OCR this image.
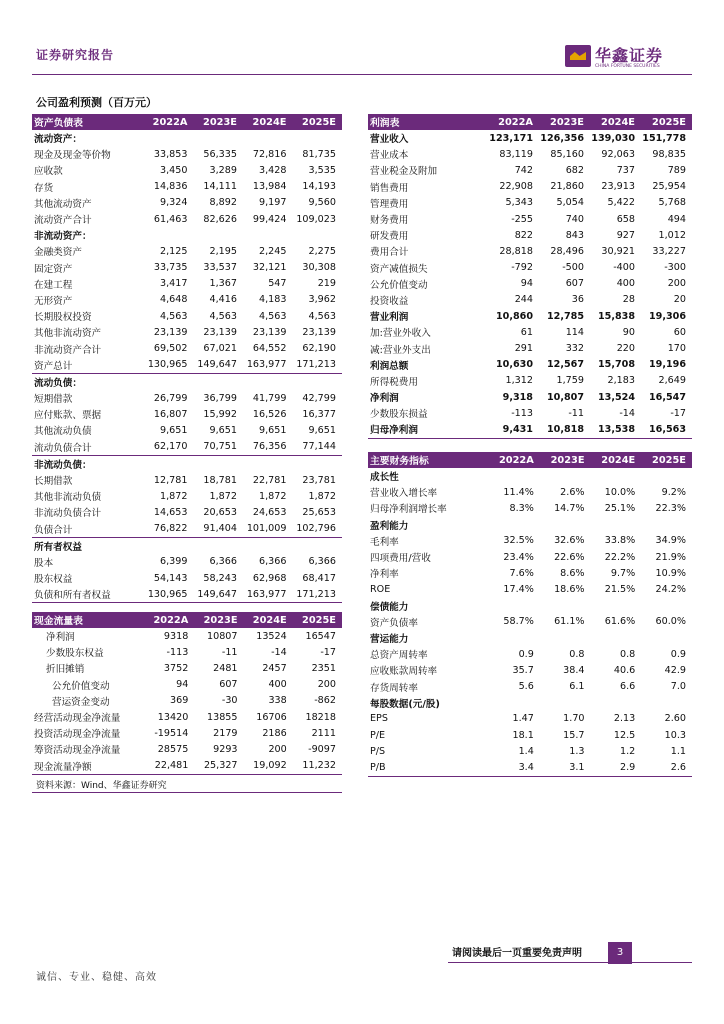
证券研究报告	华鑫证券
CHINA FORTUNE SECURITIES
公司盈利预测（百万元）
资产负债表	2022A	2023E	2024E	2025E
流动资产：				
现金及现金等价物	33,853	56,335	72,816	81,735
应收款	3,450	3,289	3,428	3,535
存货	14,836	14,111	13,984	14,193
其他流动资产	9,324	8,892	9,197	9,560
流动资产合计	61,463	82,626	99,424	109,023
非流动资产：				
金融类资产	2,125	2,195	2,245	2,275
固定资产	33,735	33,537	32,121	30,308
在建工程	3,417	1,367	547	219
无形资产	4,648	4,416	4,183	3,962
长期股权投资	4,563	4,563	4,563	4,563
其他非流动资产	23,139	23,139	23,139	23,139
非流动资产合计	69,502	67,021	64,552	62,190
资产总计	130,965	149,647	163,977	171,213
流动负债：				
短期借款	26,799	36,799	41,799	42,799
应付账款、票据	16,807	15,992	16,526	16,377
其他流动负债	9,651	9,651	9,651	9,651
流动负债合计	62,170	70,751	76,356	77,144
非流动负债：				
长期借款	12,781	18,781	22,781	23,781
其他非流动负债	1,872	1,872	1,872	1,872
非流动负债合计	14,653	20,653	24,653	25,653
负债合计	76,822	91,404	101,009	102,796
所有者权益				
股本	6,399	6,366	6,366	6,366
股东权益	54,143	58,243	62,968	68,417
负债和所有者权益	130,965	149,647	163,977	171,213
现金流量表	2022A	2023E	2024E	2025E
净利润	9318	10807	13524	16547
少数股东权益	-113	-11	-14	-17
折旧摊销	3752	2481	2457	2351
公允价值变动	94	607	400	200
营运资金变动	369	-30	338	-862
经营活动现金净流量	13420	13855	16706	18218
投资活动现金净流量	-19514	2179	2186	2111
筹资活动现金净流量	28575	9293	200	-9097
现金流量净额	22,481	25,327	19,092	11,232
利润表	2022A	2023E	2024E	2025E
营业收入	123,171	126,356	139,030	151,778
营业成本	83,119	85,160	92,063	98,835
营业税金及附加	742	682	737	789
销售费用	22,908	21,860	23,913	25,954
管理费用	5,343	5,054	5,422	5,768
财务费用	-255	740	658	494
研发费用	822	843	927	1,012
费用合计	28,818	28,496	30,921	33,227
资产减值损失	-792	-500	-400	-300
公允价值变动	94	607	400	200
投资收益	244	36	28	20
营业利润	10,860	12,785	15,838	19,306
加:营业外收入	61	114	90	60
减:营业外支出	291	332	220	170
利润总额	10,630	12,567	15,708	19,196
所得税费用	1,312	1,759	2,183	2,649
净利润	9,318	10,807	13,524	16,547
少数股东损益	-113	-11	-14	-17
归母净利润	9,431	10,818	13,538	16,563
主要财务指标	2022A	2023E	2024E	2025E
成长性				
营业收入增长率	11.4%	2.6%	10.0%	9.2%
归母净利润增长率	8.3%	14.7%	25.1%	22.3%
盈利能力				
毛利率	32.5%	32.6%	33.8%	34.9%
四项费用/营收	23.4%	22.6%	22.2%	21.9%
净利率	7.6%	8.6%	9.7%	10.9%
ROE	17.4%	18.6%	21.5%	24.2%
偿债能力				
资产负债率	58.7%	61.1%	61.6%	60.0%
营运能力				
总资产周转率	0.9	0.8	0.8	0.9
应收账款周转率	35.7	38.4	40.6	42.9
存货周转率	5.6	6.1	6.6	7.0
每股数据(元/股)				
EPS	1.47	1.70	2.13	2.60
P/E	18.1	15.7	12.5	10.3
P/S	1.4	1.3	1.2	1.1
P/B	3.4	3.1	2.9	2.6
资料来源：Wind、华鑫证券研究
请阅读最后一页重要免责声明	3
诚信、专业、稳健、高效
